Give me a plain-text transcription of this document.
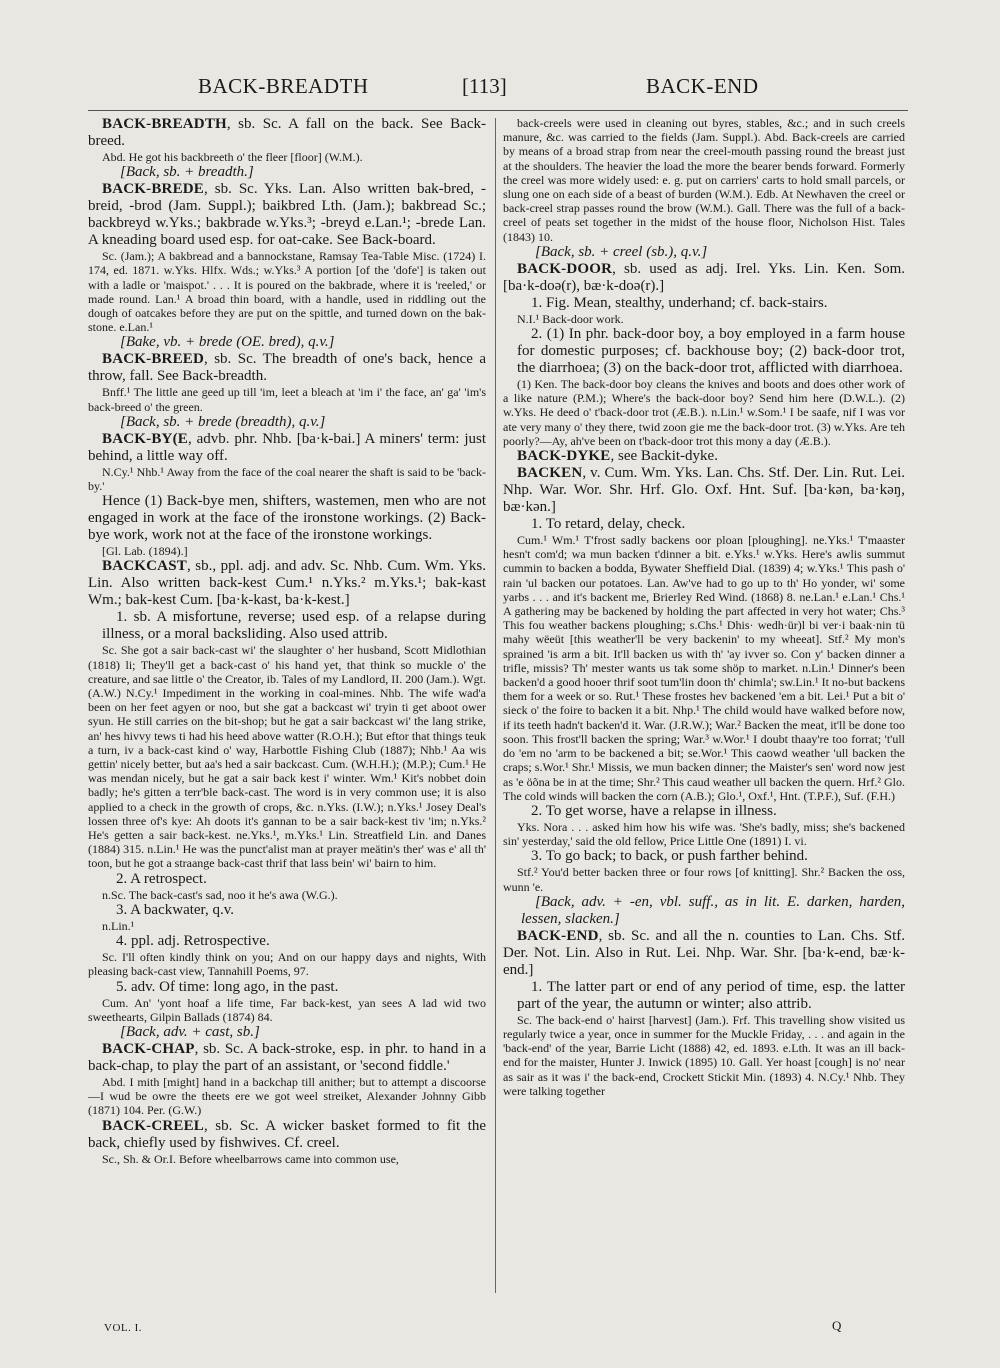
BACK-BREADTH	[113]	BACK-END

BACK-BREADTH, sb. Sc. A fall on the back. See Back-breed.

Abd. He got his backbreeth o' the fleer [floor] (W.M.).

[Back, sb. + breadth.]

BACK-BREDE, sb. Sc. Yks. Lan. Also written bak-bred, -breid, -brod (Jam. Suppl.); baikbred Lth. (Jam.); bakbread Sc.; backbreyd w.Yks.; bakbrade w.Yks.³; -breyd e.Lan.¹; -brede Lan. A kneading board used esp. for oat-cake. See Back-board.

Sc. (Jam.); A bakbread and a bannockstane, Ramsay Tea-Table Misc. (1724) I. 174, ed. 1871. w.Yks. Hlfx. Wds.; w.Yks.³ A portion [of the 'dofe'] is taken out with a ladle or 'maispot.' . . . It is poured on the bakbrade, where it is 'reeled,' or made round. Lan.¹ A broad thin board, with a handle, used in riddling out the dough of oatcakes before they are put on the spittle, and turned down on the bak-stone. e.Lan.¹

[Bake, vb. + brede (OE. bred), q.v.]

BACK-BREED, sb. Sc. The breadth of one's back, hence a throw, fall. See Back-breadth.

Bnff.¹ The little ane geed up till 'im, leet a bleach at 'im i' the face, an' ga' 'im's back-breed o' the green.

[Back, sb. + brede (breadth), q.v.]

BACK-BY(E, advb. phr. Nhb. [ba·k-bai.] A miners' term: just behind, a little way off.

N.Cy.¹ Nhb.¹ Away from the face of the coal nearer the shaft is said to be 'back-by.'

Hence (1) Back-bye men, shifters, wastemen, men who are not engaged in work at the face of the ironstone workings. (2) Back-bye work, work not at the face of the ironstone workings.

[Gl. Lab. (1894).]

BACKCAST, sb., ppl. adj. and adv. Sc. Nhb. Cum. Wm. Yks. Lin. Also written back-kest Cum.¹ n.Yks.² m.Yks.¹; bak-kast Wm.; bak-kest Cum. [ba·k-kast, ba·k-kest.]

1. sb. A misfortune, reverse; used esp. of a relapse during illness, or a moral backsliding. Also used attrib.

Sc. She got a sair back-cast wi' the slaughter o' her husband, Scott Midlothian (1818) li; They'll get a back-cast o' his hand yet, that think so muckle o' the creature, and sae little o' the Creator, ib. Tales of my Landlord, II. 200 (Jam.). Wgt. (A.W.) N.Cy.¹ Impediment in the working in coal-mines. Nhb. The wife wad'a been on her feet agyen or noo, but she gat a backcast wi' tryin ti get aboot ower syun. He still carries on the bit-shop; but he gat a sair backcast wi' the lang strike, an' hes hivvy tews ti had his heed above watter (R.O.H.); But eftor that things teuk a turn, iv a back-cast kind o' way, Harbottle Fishing Club (1887); Nhb.¹ Aa wis gettin' nicely better, but aa's hed a sair backcast. Cum. (W.H.H.); (M.P.); Cum.¹ He was mendan nicely, but he gat a sair back kest i' winter. Wm.¹ Kit's nobbet doin badly; he's gitten a terr'ble back-cast. The word is in very common use; it is also applied to a check in the growth of crops, &c. n.Yks. (I.W.); n.Yks.¹ Josey Deal's lossen three of's kye: Ah doots it's gannan to be a sair back-kest tiv 'im; n.Yks.² He's getten a sair back-kest. ne.Yks.¹, m.Yks.¹ Lin. Streatfield Lin. and Danes (1884) 315. n.Lin.¹ He was the punct'alist man at prayer meätin's ther' was e' all th' toon, but he got a straange back-cast thrif that lass bein' wi' bairn to him.

2. A retrospect.

n.Sc. The back-cast's sad, noo it he's awa (W.G.).

3. A backwater, q.v.

n.Lin.¹

4. ppl. adj. Retrospective.

Sc. I'll often kindly think on you; And on our happy days and nights, With pleasing back-cast view, Tannahill Poems, 97.

5. adv. Of time: long ago, in the past.

Cum. An' 'yont hoaf a life time, Far back-kest, yan sees A lad wid two sweethearts, Gilpin Ballads (1874) 84.

[Back, adv. + cast, sb.]

BACK-CHAP, sb. Sc. A back-stroke, esp. in phr. to hand in a back-chap, to play the part of an assistant, or 'second fiddle.'

Abd. I mith [might] hand in a backchap till anither; but to attempt a discoorse—I wud be owre the theets ere we got weel streiket, Alexander Johnny Gibb (1871) 104. Per. (G.W.)

BACK-CREEL, sb. Sc. A wicker basket formed to fit the back, chiefly used by fishwives. Cf. creel.

Sc., Sh. & Or.I. Before wheelbarrows came into common use,

back-creels were used in cleaning out byres, stables, &c.; and in such creels manure, &c. was carried to the fields (Jam. Suppl.). Abd. Back-creels are carried by means of a broad strap from near the creel-mouth passing round the breast just at the shoulders. The heavier the load the more the bearer bends forward. Formerly the creel was more widely used: e. g. put on carriers' carts to hold small parcels, or slung one on each side of a beast of burden (W.M.). Edb. At Newhaven the creel or back-creel strap passes round the brow (W.M.). Gall. There was the full of a back-creel of peats set together in the midst of the house floor, Nicholson Hist. Tales (1843) 10.

[Back, sb. + creel (sb.), q.v.]

BACK-DOOR, sb. used as adj. Irel. Yks. Lin. Ken. Som. [ba·k-doə(r), bæ·k-doə(r).]

1. Fig. Mean, stealthy, underhand; cf. back-stairs.

N.I.¹ Back-door work.

2. (1) In phr. back-door boy, a boy employed in a farm house for domestic purposes; cf. backhouse boy; (2) back-door trot, the diarrhoea; (3) on the back-door trot, afflicted with diarrhoea.

(1) Ken. The back-door boy cleans the knives and boots and does other work of a like nature (P.M.); Where's the back-door boy? Send him here (D.W.L.). (2) w.Yks. He deed o' t'back-door trot (Æ.B.). n.Lin.¹ w.Som.¹ I be saafe, nif I was vor ate very many o' they there, twid zoon gie me the back-door trot. (3) w.Yks. Are teh poorly?—Ay, ah've been on t'back-door trot this mony a day (Æ.B.).

BACK-DYKE, see Backit-dyke.

BACKEN, v. Cum. Wm. Yks. Lan. Chs. Stf. Der. Lin. Rut. Lei. Nhp. War. Wor. Shr. Hrf. Glo. Oxf. Hnt. Suf. [ba·kən, ba·kəŋ, bæ·kən.]

1. To retard, delay, check.

Cum.¹ Wm.¹ T'frost sadly backens oor ploan [ploughing]. ne.Yks.¹ T'maaster hesn't com'd; wa mun backen t'dinner a bit. e.Yks.¹ w.Yks. Here's awlis summut cummin to backen a bodda, Bywater Sheffield Dial. (1839) 4; w.Yks.¹ This pash o' rain 'ul backen our potatoes. Lan. Aw've had to go up to th' Ho yonder, wi' some yarbs . . . and it's backent me, Brierley Red Wind. (1868) 8. ne.Lan.¹ e.Lan.¹ Chs.¹ A gathering may be backened by holding the part affected in very hot water; Chs.³ This fou weather backens ploughing; s.Chs.¹ Dhis· wedh·ür)l bi ver·i baak·nin tü mahy wëeüt [this weather'll be very backenin' to my wheeat]. Stf.² My mon's sprained 'is arm a bit. It'll backen us with th' 'ay ivver so. Con y' backen dinner a trifle, missis? Th' mester wants us tak some shöp to market. n.Lin.¹ Dinner's been backen'd a good hooer thrif soot tum'lin doon th' chimla'; sw.Lin.¹ It no-but backens them for a week or so. Rut.¹ These frostes hev backened 'em a bit. Lei.¹ Put a bit o' sieck o' the foire to backen it a bit. Nhp.¹ The child would have walked before now, if its teeth hadn't backen'd it. War. (J.R.W.); War.² Backen the meat, it'll be done too soon. This frost'll backen the spring; War.³ w.Wor.¹ I doubt thaay're too forrat; 't'ull do 'em no 'arm to be backened a bit; se.Wor.¹ This caowd weather 'ull backen the craps; s.Wor.¹ Shr.¹ Missis, we mun backen dinner; the Maister's sen' word now jest as 'e öõna be in at the time; Shr.² This caud weather ull backen the quern. Hrf.² Glo. The cold winds will backen the corn (A.B.); Glo.¹, Oxf.¹, Hnt. (T.P.F.), Suf. (F.H.)

2. To get worse, have a relapse in illness.

Yks. Nora . . . asked him how his wife was. 'She's badly, miss; she's backened sin' yesterday,' said the old fellow, Price Little One (1891) I. vi.

3. To go back; to back, or push farther behind.

Stf.² You'd better backen three or four rows [of knitting]. Shr.² Backen the oss, wunn 'e.

[Back, adv. + -en, vbl. suff., as in lit. E. darken, harden, lessen, slacken.]

BACK-END, sb. Sc. and all the n. counties to Lan. Chs. Stf. Der. Not. Lin. Also in Rut. Lei. Nhp. War. Shr. [ba·k-end, bæ·k-end.]

1. The latter part or end of any period of time, esp. the latter part of the year, the autumn or winter; also attrib.

Sc. The back-end o' hairst [harvest] (Jam.). Frf. This travelling show visited us regularly twice a year, once in summer for the Muckle Friday, . . . and again in the 'back-end' of the year, Barrie Licht (1888) 42, ed. 1893. e.Lth. It was an ill back-end for the maister, Hunter J. Inwick (1895) 10. Gall. Yer hoast [cough] is no' near as sair as it was i' the back-end, Crockett Stickit Min. (1893) 4. N.Cy.¹ Nhb. They were talking together

VOL. I.	Q
